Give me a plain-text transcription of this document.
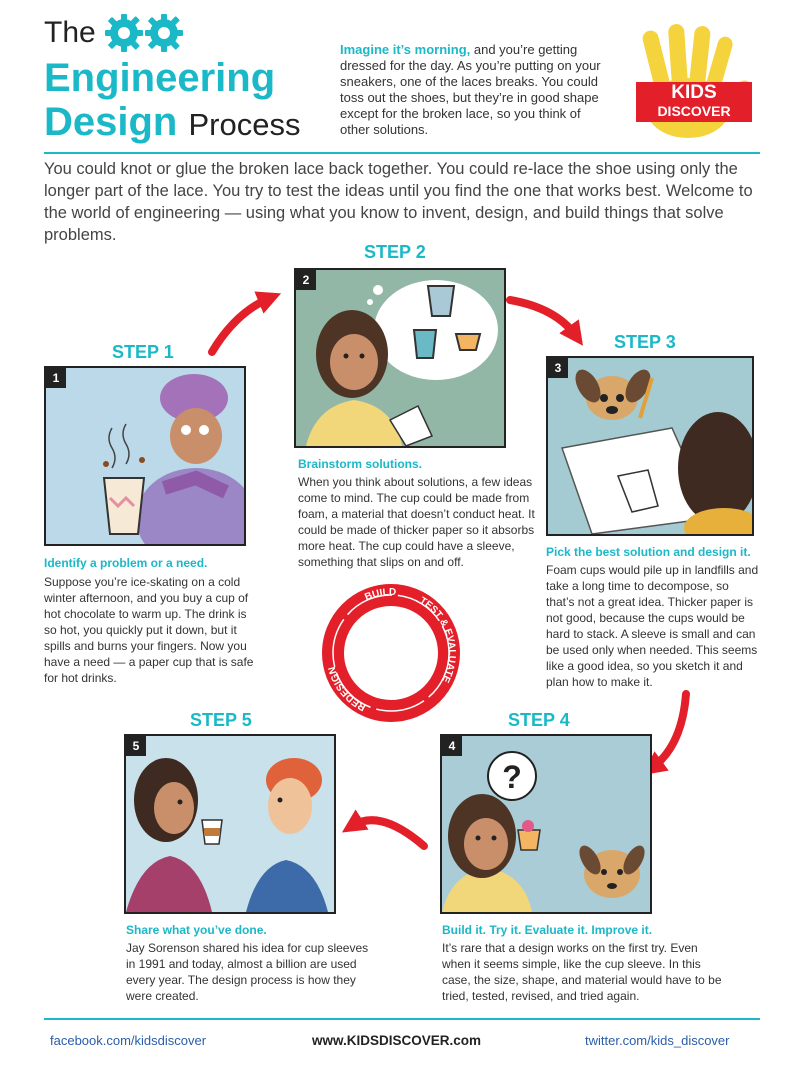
The
Engineering
Design Process
Imagine it’s morning, and you’re getting dressed for the day. As you’re putting on your sneakers, one of the laces breaks. You could toss out the shoes, but they’re in good shape except for the broken lace, so you think of other solutions.
KIDS
DISCOVER
You could knot or glue the broken lace back together. You could re-lace the shoe using only the longer part of the lace. You try to test the ideas until you find the one that works best. Welcome to the world of engineering — using what you know to invent, design, and build things that solve problems.
BUILD
TEST & EVALUATE
REDESIGN
STEP 1
1
Identify a problem or a need.
Suppose you’re ice-skating on a cold winter afternoon, and you buy a cup of hot chocolate to warm up. The drink is so hot, you quickly put it down, but it spills and burns your fingers. Now you have a need — a paper cup that is safe for hot drinks.
STEP 2
2
Brainstorm solutions.
When you think about solutions, a few ideas come to mind. The cup could be made from foam, a material that doesn’t conduct heat. It could be made of thicker paper so it absorbs more heat. The cup could have a sleeve, something that slips on and off.
STEP 3
3
Pick the best solution and design it.
Foam cups would pile up in landfills and take a long time to decompose, so that’s not a great idea. Thicker paper is not good, because the cups would be hard to stack. A sleeve is small and can be used only when needed. This seems like a good idea, so you sketch it and plan how to make it.
STEP 4
?
4
Build it. Try it. Evaluate it. Improve it.
It’s rare that a design works on the first try. Even when it seems simple, like the cup sleeve. In this case, the size, shape, and material would have to be tried, tested, revised, and tried again.
STEP 5
5
Share what you’ve done.
Jay Sorenson shared his idea for cup sleeves in 1991 and today, almost a billion are used every year. The design process is how they were created.
facebook.com/kidsdiscover	www.KIDSDISCOVER.com	twitter.com/kids_discover
